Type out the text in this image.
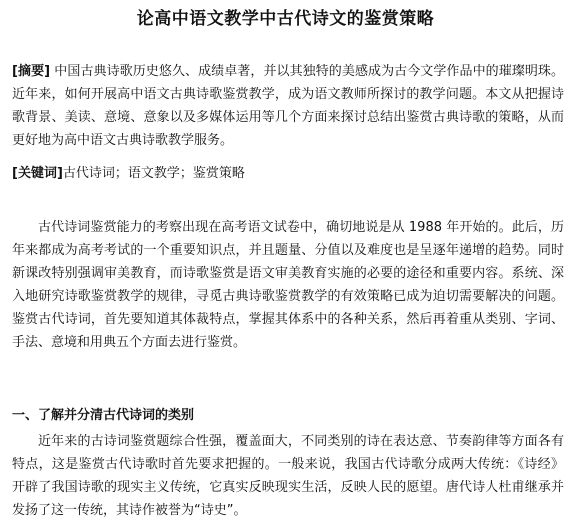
论高中语文教学中古代诗文的鉴赏策略
[摘要] 中国古典诗歌历史悠久、成绩卓著，并以其独特的美感成为古今文学作品中的璀璨明珠。近年来，如何开展高中语文古典诗歌鉴赏教学，成为语文教师所探讨的教学问题。本文从把握诗歌背景、美读、意境、意象以及多媒体运用等几个方面来探讨总结出鉴赏古典诗歌的策略，从而更好地为高中语文古典诗歌教学服务。
[关键词]古代诗词；语文教学；鉴赏策略
古代诗词鉴赏能力的考察出现在高考语文试卷中，确切地说是从 1988 年开始的。此后，历年来都成为高考考试的一个重要知识点，并且题量、分值以及难度也是呈逐年递增的趋势。同时新课改特别强调审美教育，而诗歌鉴赏是语文审美教育实施的必要的途径和重要内容。系统、深入地研究诗歌鉴赏教学的规律，寻觅古典诗歌鉴赏教学的有效策略已成为迫切需要解决的问题。鉴赏古代诗词，首先要知道其体裁特点，掌握其体系中的各种关系，然后再着重从类别、字词、手法、意境和用典五个方面去进行鉴赏。
一、了解并分清古代诗词的类别
近年来的古诗词鉴赏题综合性强，覆盖面大，不同类别的诗在表达意、节奏韵律等方面各有特点，这是鉴赏古代诗歌时首先要求把握的。一般来说，我国古代诗歌分成两大传统：《诗经》开辟了我国诗歌的现实主义传统，它真实反映现实生活，反映人民的愿望。唐代诗人杜甫继承并发扬了这一传统，其诗作被誉为“诗史”。
